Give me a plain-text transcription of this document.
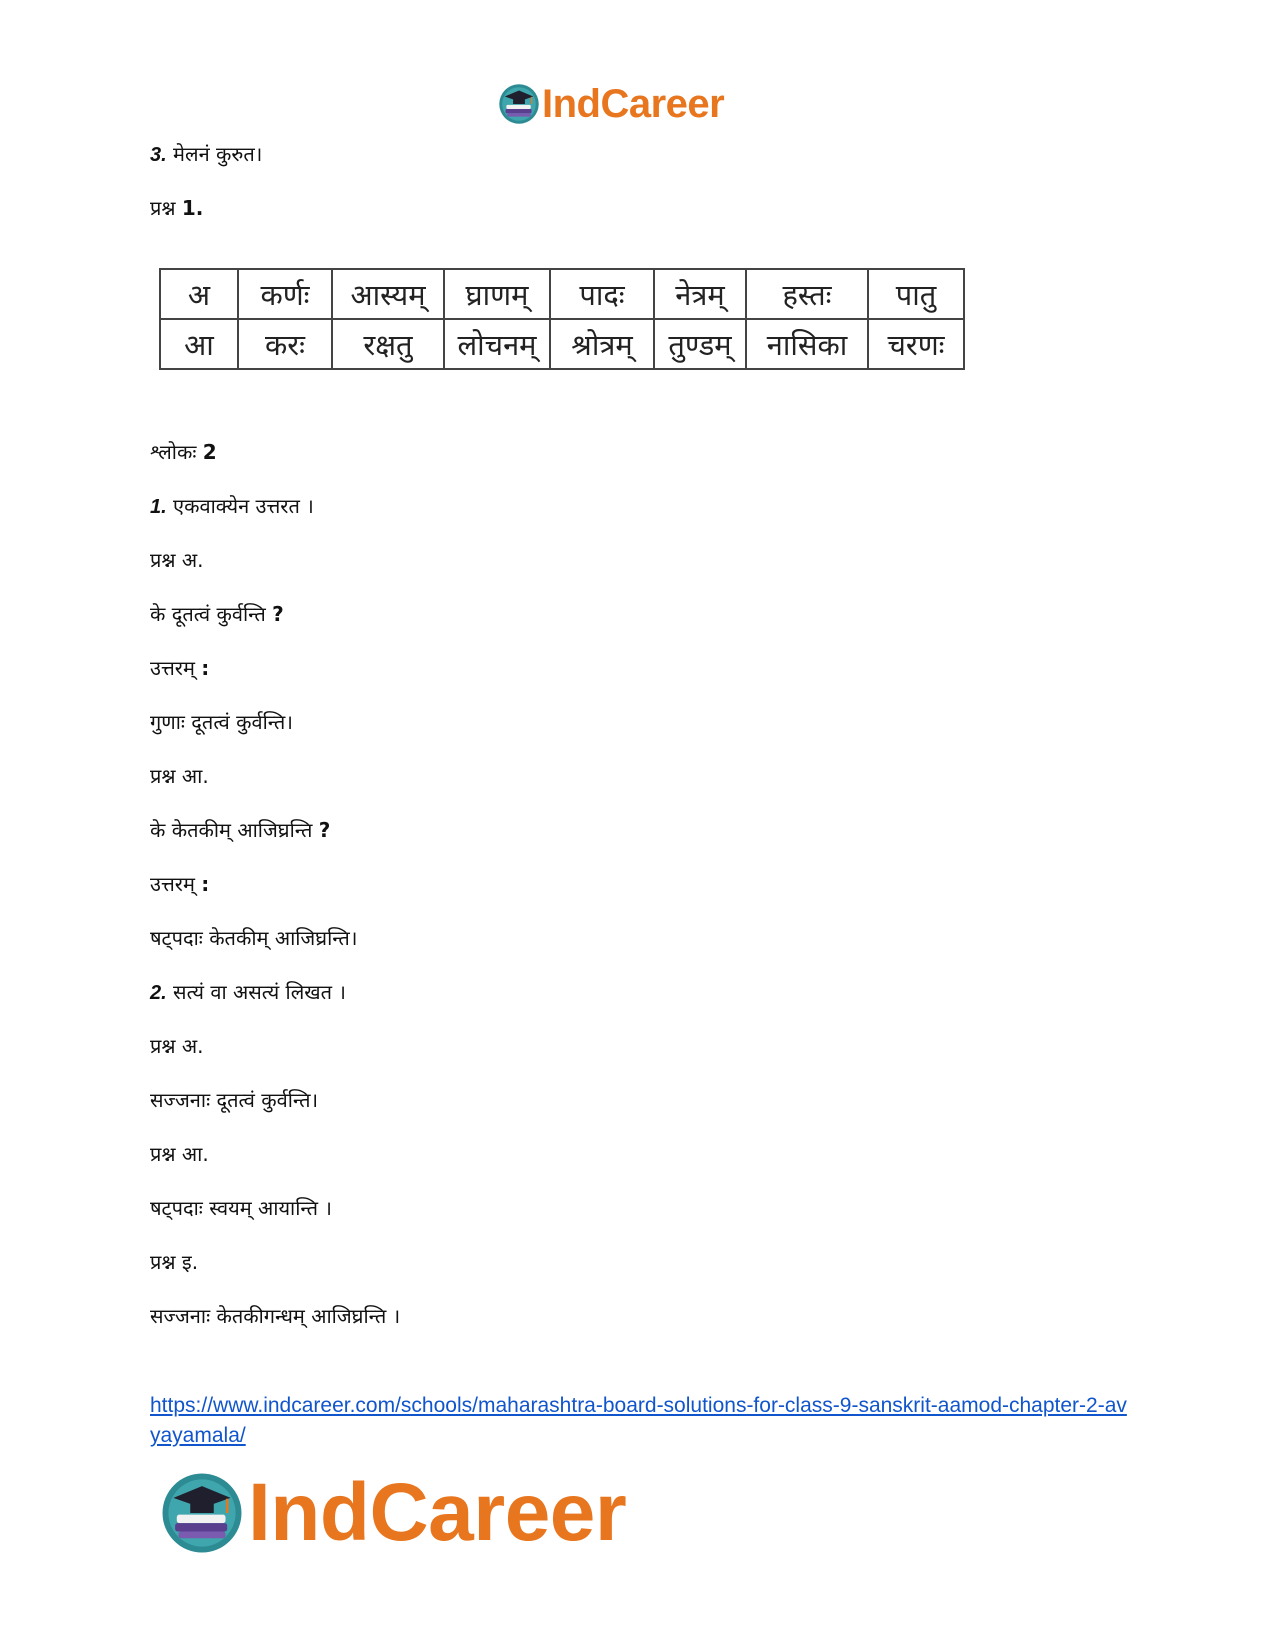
IndCareer
3. मेलनं कुरुत।
प्रश्न 1.
अ	कर्णः	आस्यम्	घ्राणम्	पादः	नेत्रम्	हस्तः	पातु
आ	करः	रक्षतु	लोचनम्	श्रोत्रम्	तुण्डम्	नासिका	चरणः
श्लोकः 2
1. एकवाक्येन उत्तरत ।
प्रश्न अ.
के दूतत्वं कुर्वन्ति ?
उत्तरम् :
गुणाः दूतत्वं कुर्वन्ति।
प्रश्न आ.
के केतकीम् आजिघ्रन्ति ?
उत्तरम् :
षट्पदाः केतकीम् आजिघ्रन्ति।
2. सत्यं वा असत्यं लिखत ।
प्रश्न अ.
सज्जनाः दूतत्वं कुर्वन्ति।
प्रश्न आ.
षट्पदाः स्वयम् आयान्ति ।
प्रश्न इ.
सज्जनाः केतकीगन्धम् आजिघ्रन्ति ।
https://www.indcareer.com/schools/maharashtra-board-solutions-for-class-9-sanskrit-aamod-chapter-2-avyayamala/
IndCareer
